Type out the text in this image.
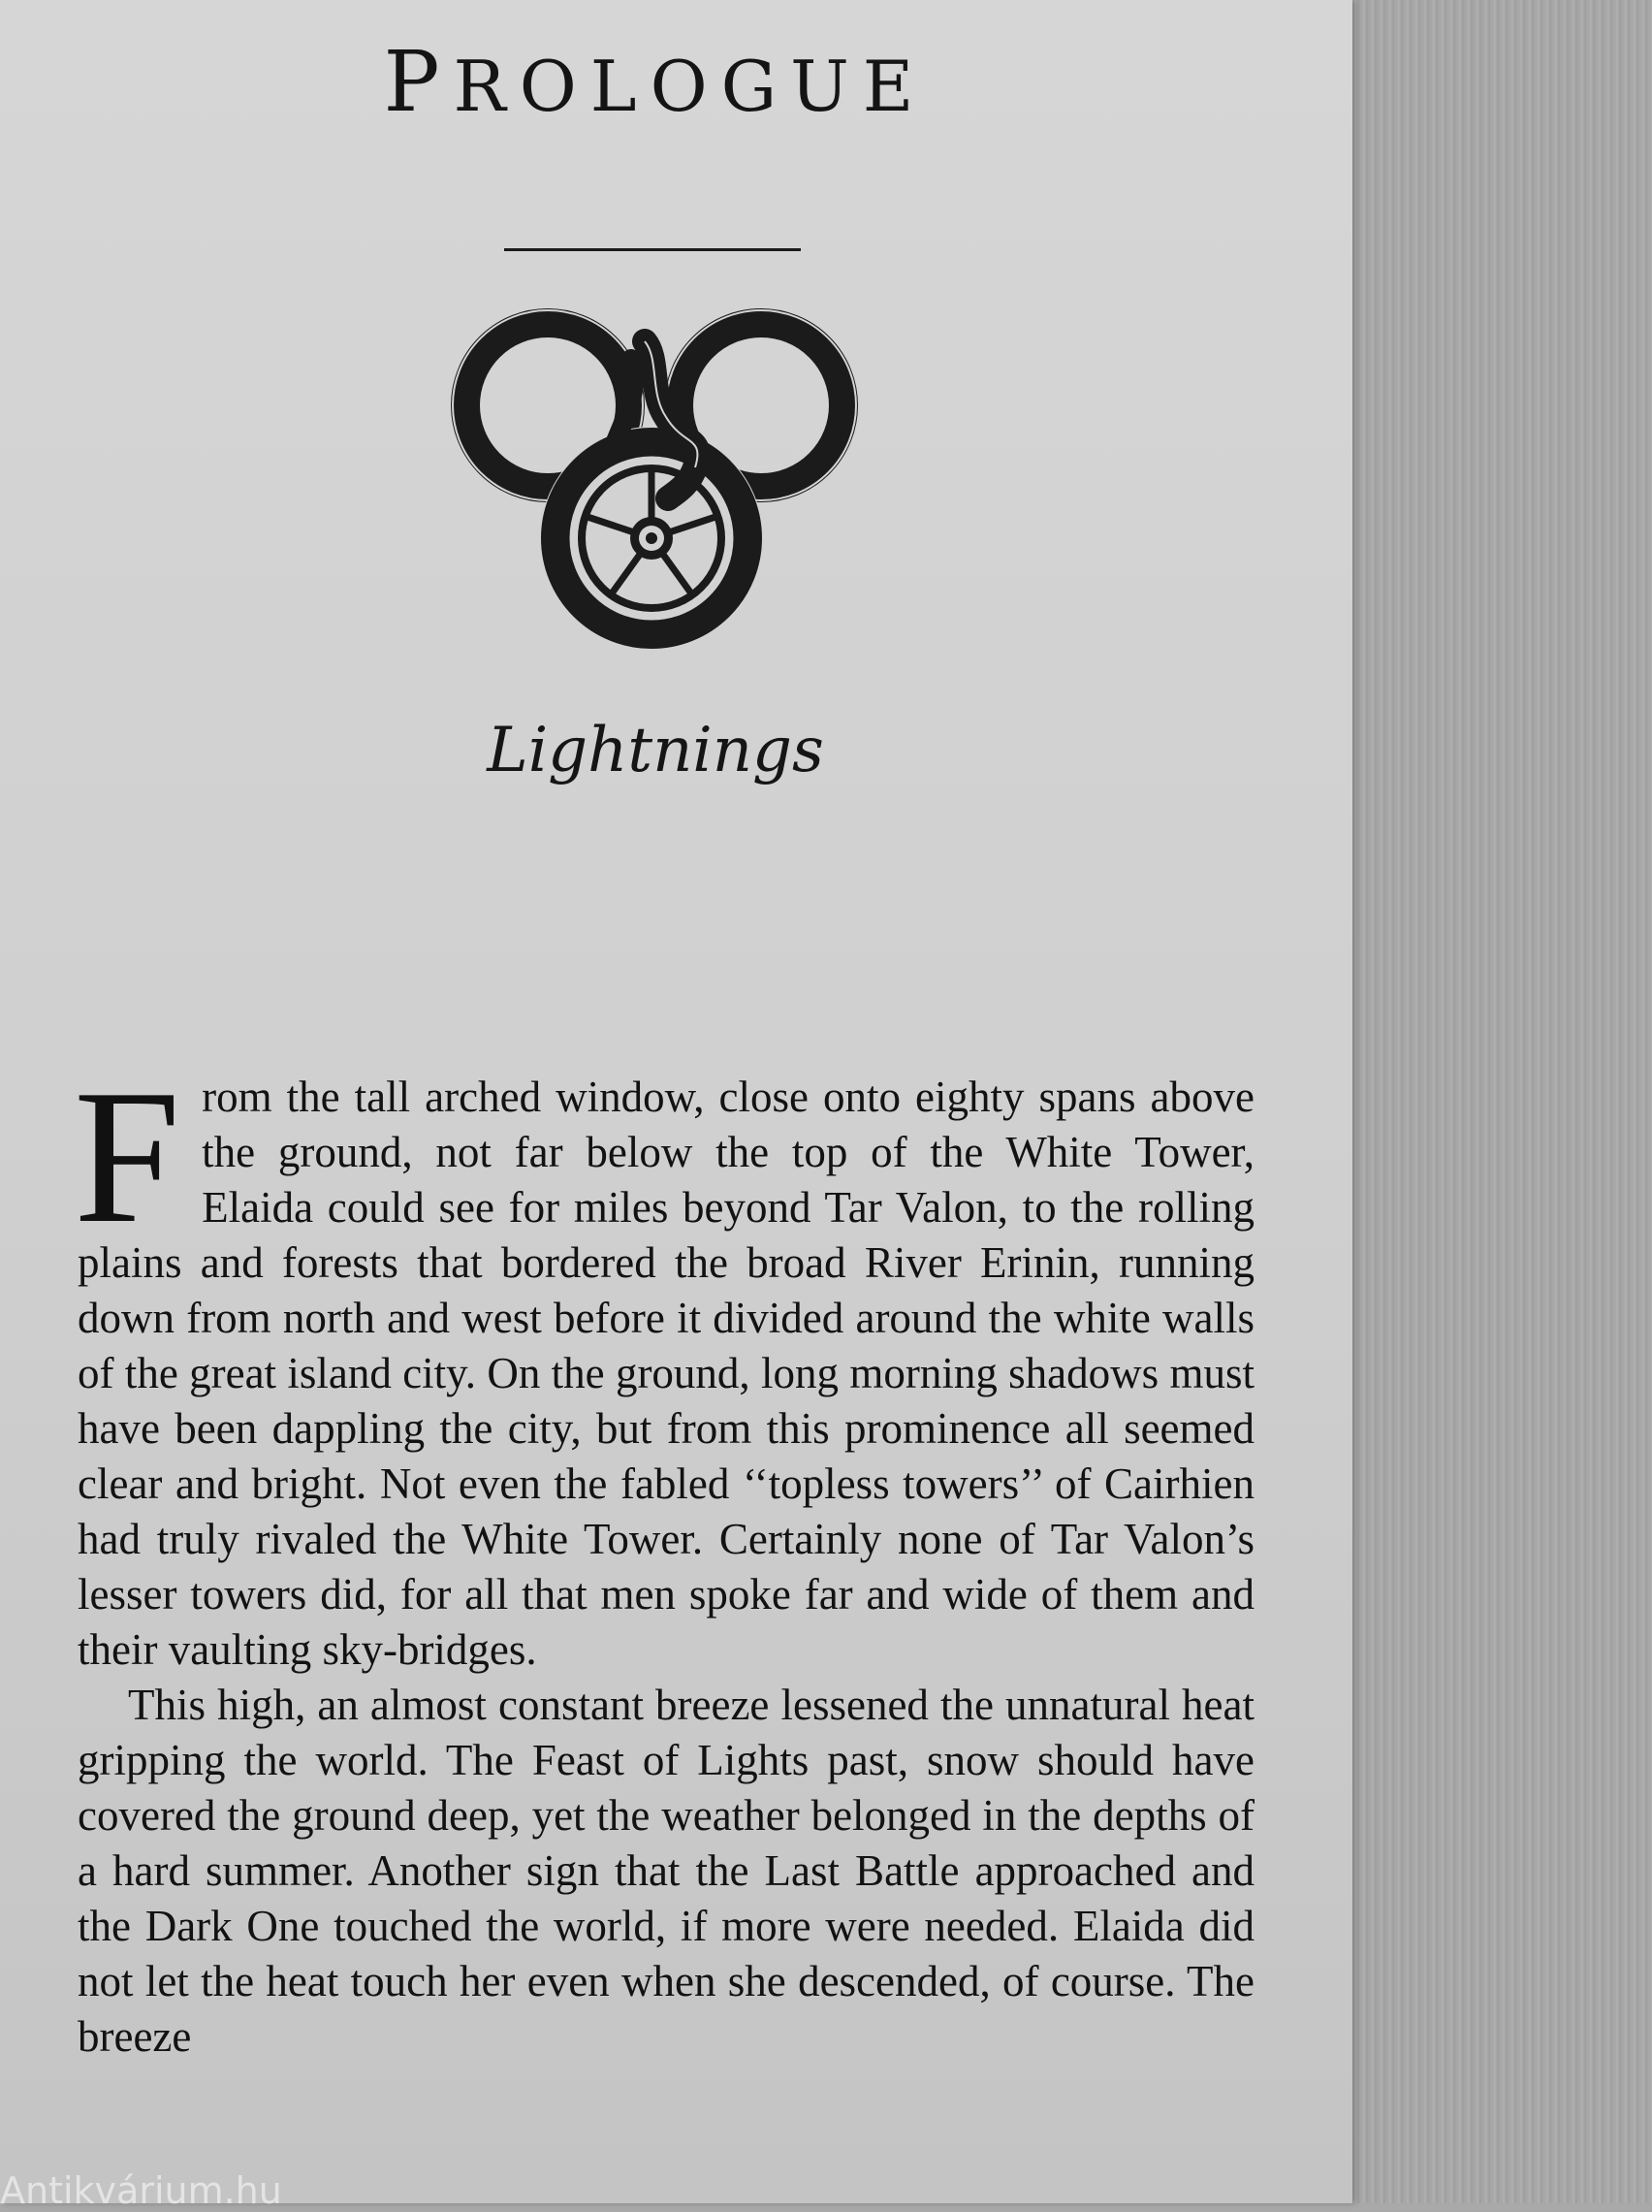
PROLOGUE
Lightnings

From the tall arched window, close onto eighty spans above the ground, not far below the top of the White Tower, Elaida could see for miles beyond Tar Valon, to the rolling plains and forests that bordered the broad River Erinin, running down from north and west before it divided around the white walls of the great island city. On the ground, long morning shadows must have been dappling the city, but from this prominence all seemed clear and bright. Not even the fabled ‘‘topless towers’’ of Cairhien had truly rivaled the White Tower. Certainly none of Tar Valon’s lesser towers did, for all that men spoke far and wide of them and their vaulting sky-bridges.

This high, an almost constant breeze lessened the unnatural heat gripping the world. The Feast of Lights past, snow should have covered the ground deep, yet the weather belonged in the depths of a hard summer. Another sign that the Last Battle approached and the Dark One touched the world, if more were needed. Elaida did not let the heat touch her even when she descended, of course. The breeze

Antikvárium.hu
